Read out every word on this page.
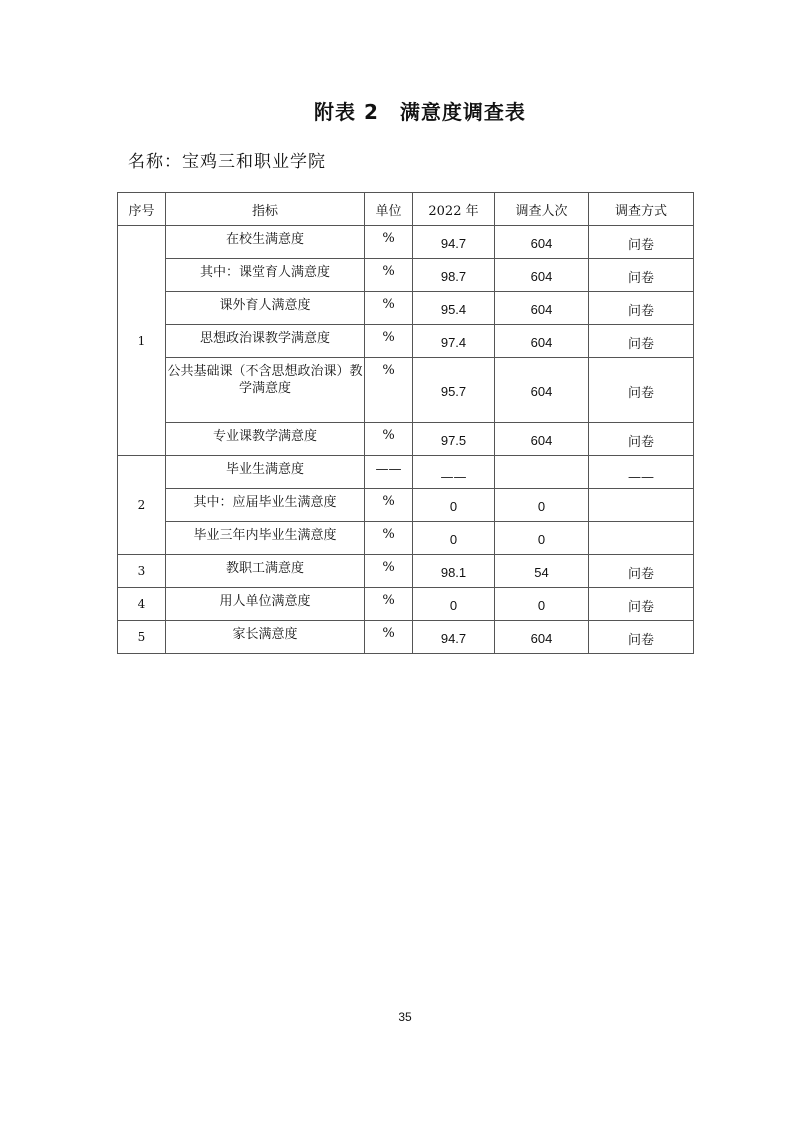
附表 2　满意度调查表
名称：宝鸡三和职业学院
序号	指标	单位	2022 年	调查人次	调查方式
1	在校生满意度	%	94.7	604	问卷
	其中：课堂育人满意度	%	98.7	604	问卷
	课外育人满意度	%	95.4	604	问卷
	思想政治课教学满意度	%	97.4	604	问卷
	公共基础课（不含思想政治课）教学满意度	%	95.7	604	问卷
	专业课教学满意度	%	97.5	604	问卷
2	毕业生满意度	——	——		——
	其中：应届毕业生满意度	%	0	0	
	毕业三年内毕业生满意度	%	0	0	
3	教职工满意度	%	98.1	54	问卷
4	用人单位满意度	%	0	0	问卷
5	家长满意度	%	94.7	604	问卷
35
